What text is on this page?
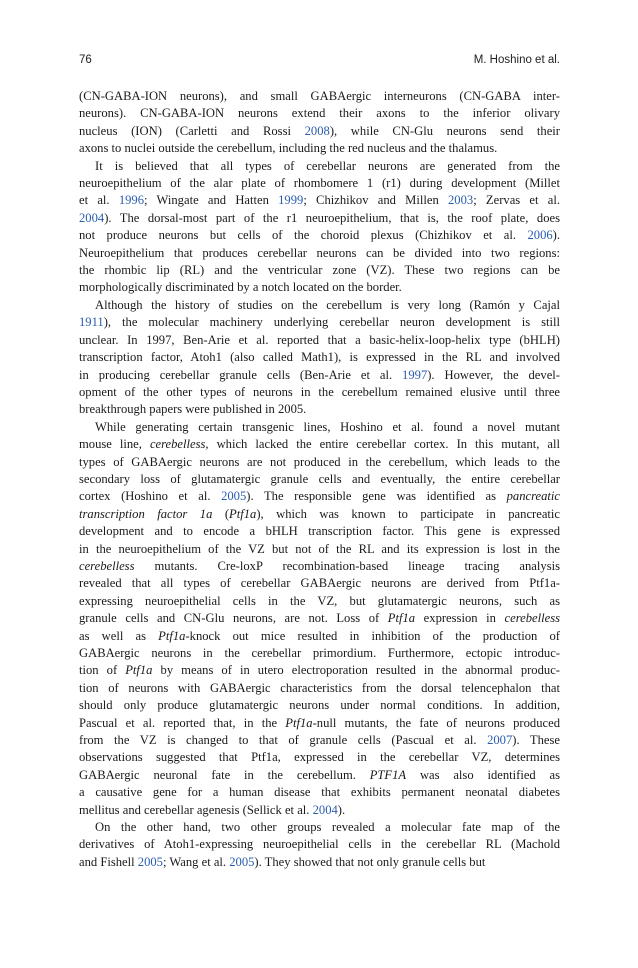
76	M. Hoshino et al.

(CN-GABA-ION neurons), and small GABAergic interneurons (CN-GABA inter-
neurons). CN-GABA-ION neurons extend their axons to the inferior olivary
nucleus (ION) (Carletti and Rossi 2008), while CN-Glu neurons send their
axons to nuclei outside the cerebellum, including the red nucleus and the thalamus.

It is believed that all types of cerebellar neurons are generated from the
neuroepithelium of the alar plate of rhombomere 1 (r1) during development (Millet
et al. 1996; Wingate and Hatten 1999; Chizhikov and Millen 2003; Zervas et al.
2004). The dorsal-most part of the r1 neuroepithelium, that is, the roof plate, does
not produce neurons but cells of the choroid plexus (Chizhikov et al. 2006).
Neuroepithelium that produces cerebellar neurons can be divided into two regions:
the rhombic lip (RL) and the ventricular zone (VZ). These two regions can be
morphologically discriminated by a notch located on the border.

Although the history of studies on the cerebellum is very long (Ramón y Cajal
1911), the molecular machinery underlying cerebellar neuron development is still
unclear. In 1997, Ben-Arie et al. reported that a basic-helix-loop-helix type (bHLH)
transcription factor, Atoh1 (also called Math1), is expressed in the RL and involved
in producing cerebellar granule cells (Ben-Arie et al. 1997). However, the devel-
opment of the other types of neurons in the cerebellum remained elusive until three
breakthrough papers were published in 2005.

While generating certain transgenic lines, Hoshino et al. found a novel mutant
mouse line, cerebelless, which lacked the entire cerebellar cortex. In this mutant, all
types of GABAergic neurons are not produced in the cerebellum, which leads to the
secondary loss of glutamatergic granule cells and eventually, the entire cerebellar
cortex (Hoshino et al. 2005). The responsible gene was identified as pancreatic
transcription factor 1a (Ptf1a), which was known to participate in pancreatic
development and to encode a bHLH transcription factor. This gene is expressed
in the neuroepithelium of the VZ but not of the RL and its expression is lost in the
cerebelless mutants. Cre-loxP recombination-based lineage tracing analysis
revealed that all types of cerebellar GABAergic neurons are derived from Ptf1a-
expressing neuroepithelial cells in the VZ, but glutamatergic neurons, such as
granule cells and CN-Glu neurons, are not. Loss of Ptf1a expression in cerebelless
as well as Ptf1a-knock out mice resulted in inhibition of the production of
GABAergic neurons in the cerebellar primordium. Furthermore, ectopic introduc-
tion of Ptf1a by means of in utero electroporation resulted in the abnormal produc-
tion of neurons with GABAergic characteristics from the dorsal telencephalon that
should only produce glutamatergic neurons under normal conditions. In addition,
Pascual et al. reported that, in the Ptf1a-null mutants, the fate of neurons produced
from the VZ is changed to that of granule cells (Pascual et al. 2007). These
observations suggested that Ptf1a, expressed in the cerebellar VZ, determines
GABAergic neuronal fate in the cerebellum. PTF1A was also identified as
a causative gene for a human disease that exhibits permanent neonatal diabetes
mellitus and cerebellar agenesis (Sellick et al. 2004).

On the other hand, two other groups revealed a molecular fate map of the
derivatives of Atoh1-expressing neuroepithelial cells in the cerebellar RL (Machold
and Fishell 2005; Wang et al. 2005). They showed that not only granule cells but
